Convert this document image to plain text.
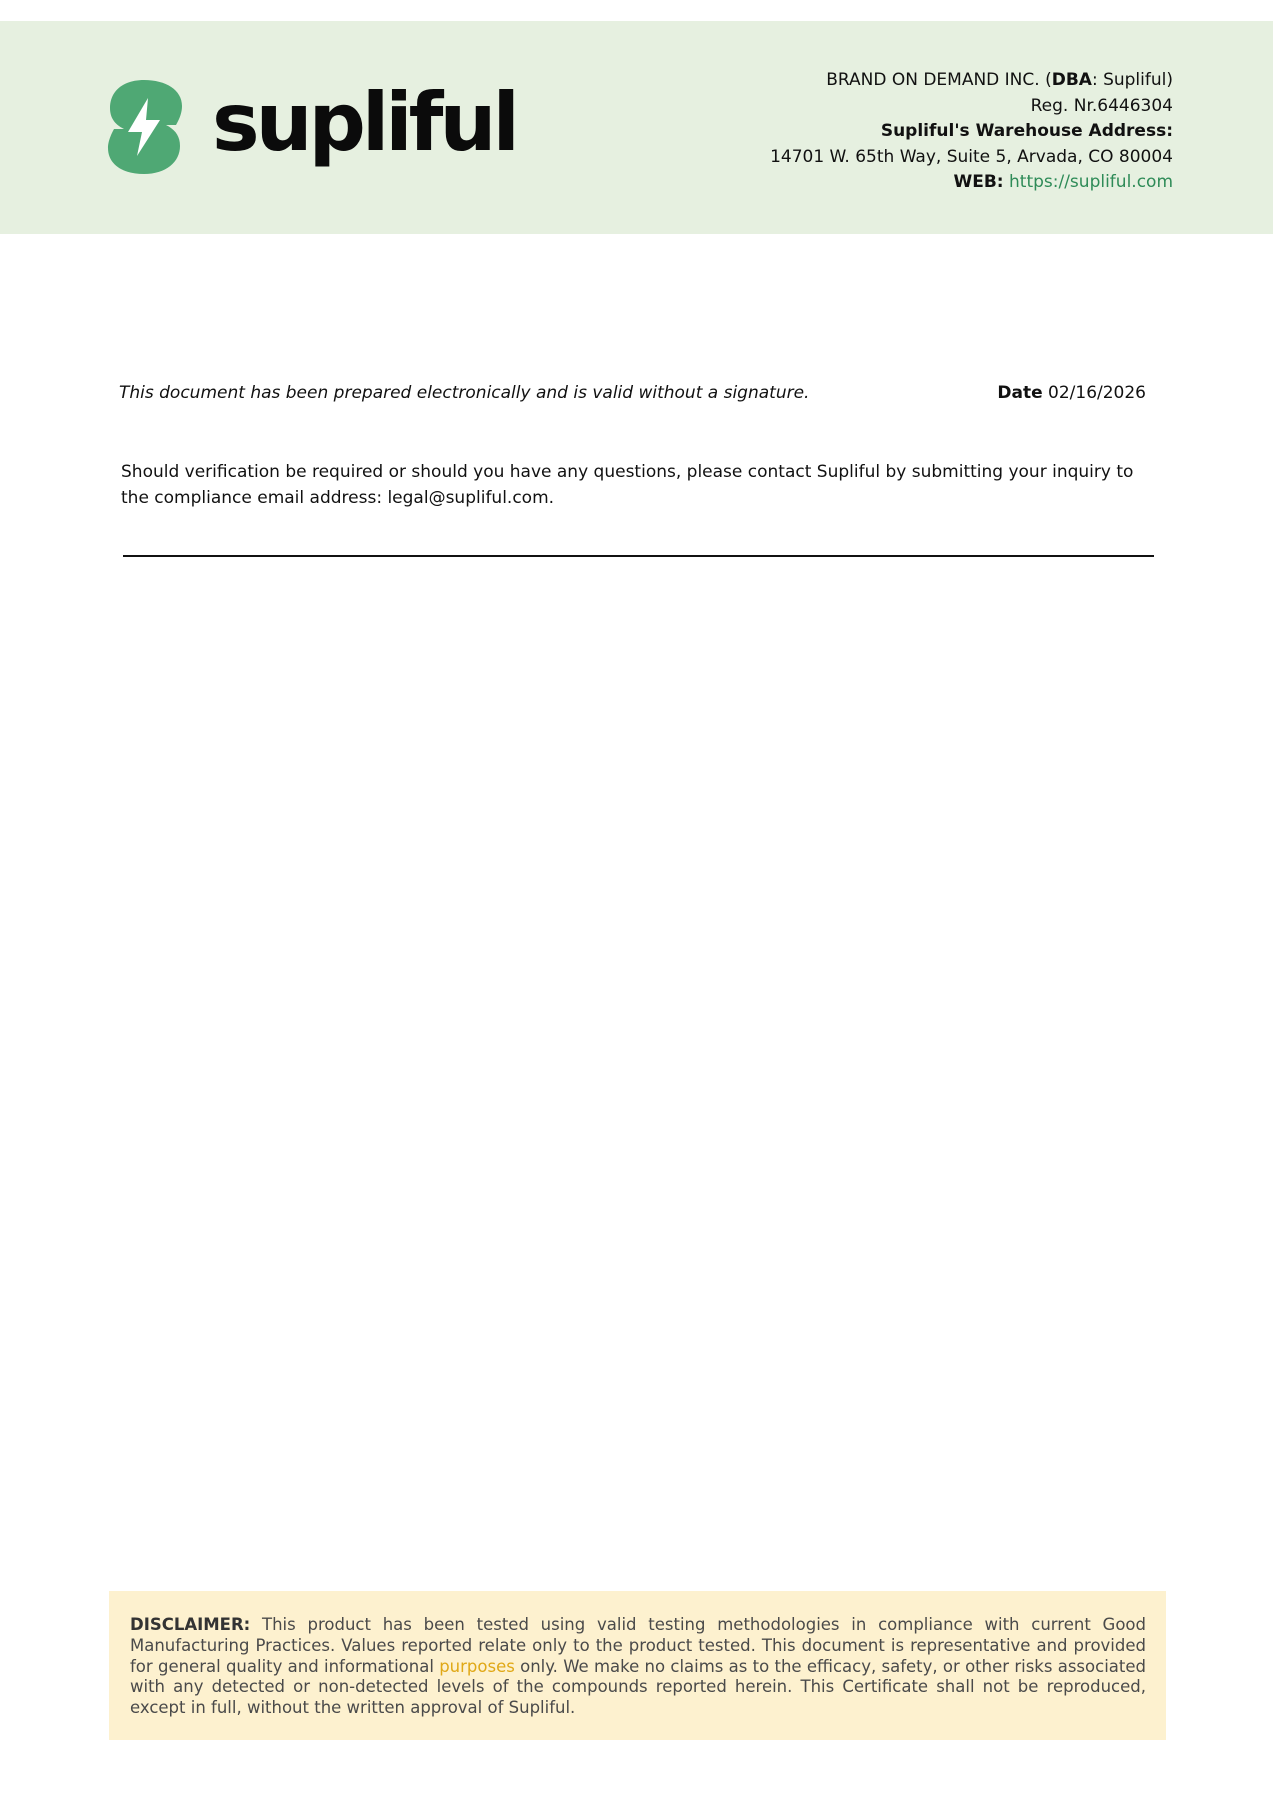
supliful	BRAND ON DEMAND INC. (DBA: Supliful)
Reg. Nr.6446304
Supliful's Warehouse Address:
14701 W. 65th Way, Suite 5, Arvada, CO 80004
WEB: https://supliful.com
This document has been prepared electronically and is valid without a signature.	Date 02/16/2026
Should verification be required or should you have any questions, please contact Supliful by submitting your inquiry to the compliance email address: legal@supliful.com.
DISCLAIMER: This product has been tested using valid testing methodologies in compliance with current Good Manufacturing Practices. Values reported relate only to the product tested. This document is representative and provided for general quality and informational purposes only. We make no claims as to the efficacy, safety, or other risks associated with any detected or non-detected levels of the compounds reported herein. This Certificate shall not be reproduced, except in full, without the written approval of Supliful.
